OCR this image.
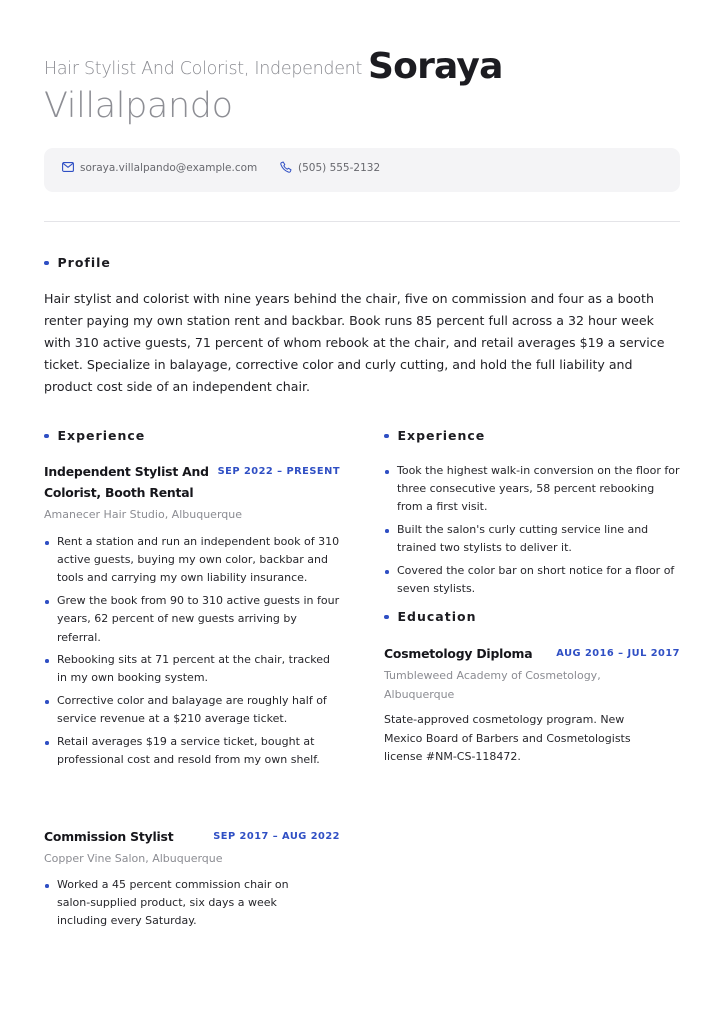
Hair Stylist And Colorist, Independent Soraya
Villalpando
soraya.villalpando@example.com	(505) 555-2132
Profile
Hair stylist and colorist with nine years behind the chair, five on commission and four as a booth renter paying my own station rent and backbar. Book runs 85 percent full across a 32 hour week with 310 active guests, 71 percent of whom rebook at the chair, and retail averages $19 a service ticket. Specialize in balayage, corrective color and curly cutting, and hold the full liability and product cost side of an independent chair.
Experience
Independent Stylist And Colorist, Booth Rental
SEP 2022 – PRESENT
Amanecer Hair Studio, Albuquerque
Rent a station and run an independent book of 310 active guests, buying my own color, backbar and tools and carrying my own liability insurance.
Grew the book from 90 to 310 active guests in four years, 62 percent of new guests arriving by referral.
Rebooking sits at 71 percent at the chair, tracked in my own booking system.
Corrective color and balayage are roughly half of service revenue at a $210 average ticket.
Retail averages $19 a service ticket, bought at professional cost and resold from my own shelf.
Commission Stylist	SEP 2017 – AUG 2022
Copper Vine Salon, Albuquerque
Worked a 45 percent commission chair on salon-supplied product, six days a week including every Saturday.
Experience
Took the highest walk-in conversion on the floor for three consecutive years, 58 percent rebooking from a first visit.
Built the salon's curly cutting service line and trained two stylists to deliver it.
Covered the color bar on short notice for a floor of seven stylists.
Education
Cosmetology Diploma	AUG 2016 – JUL 2017
Tumbleweed Academy of Cosmetology, Albuquerque
State-approved cosmetology program. New Mexico Board of Barbers and Cosmetologists license #NM-CS-118472.
